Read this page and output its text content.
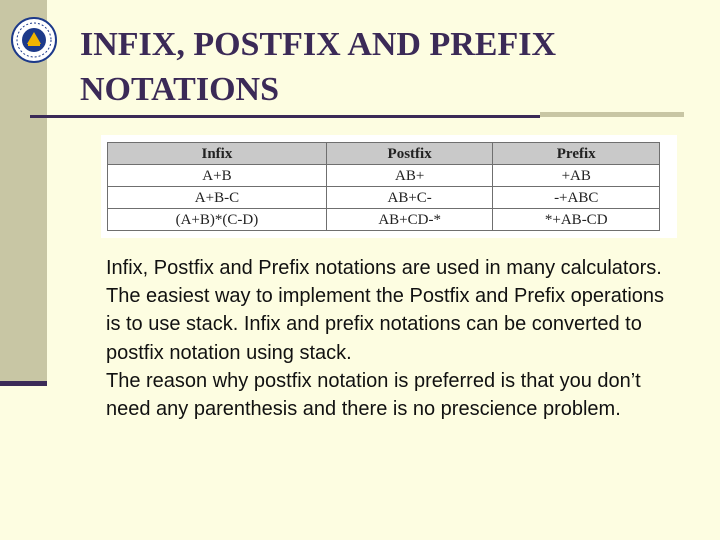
INFIX, POSTFIX AND PREFIX
NOTATIONS
Infix	Postfix	Prefix
A+B	AB+	+AB
A+B-C	AB+C-	-+ABC
(A+B)*(C-D)	AB+CD-*	*+AB-CD

Infix, Postfix and Prefix notations are used in many calculators. The easiest way to implement the Postfix and Prefix operations is to use stack. Infix and prefix notations can be converted to postfix notation using stack.

The reason why postfix notation is preferred is that you don’t need any parenthesis and there is no prescience problem.
